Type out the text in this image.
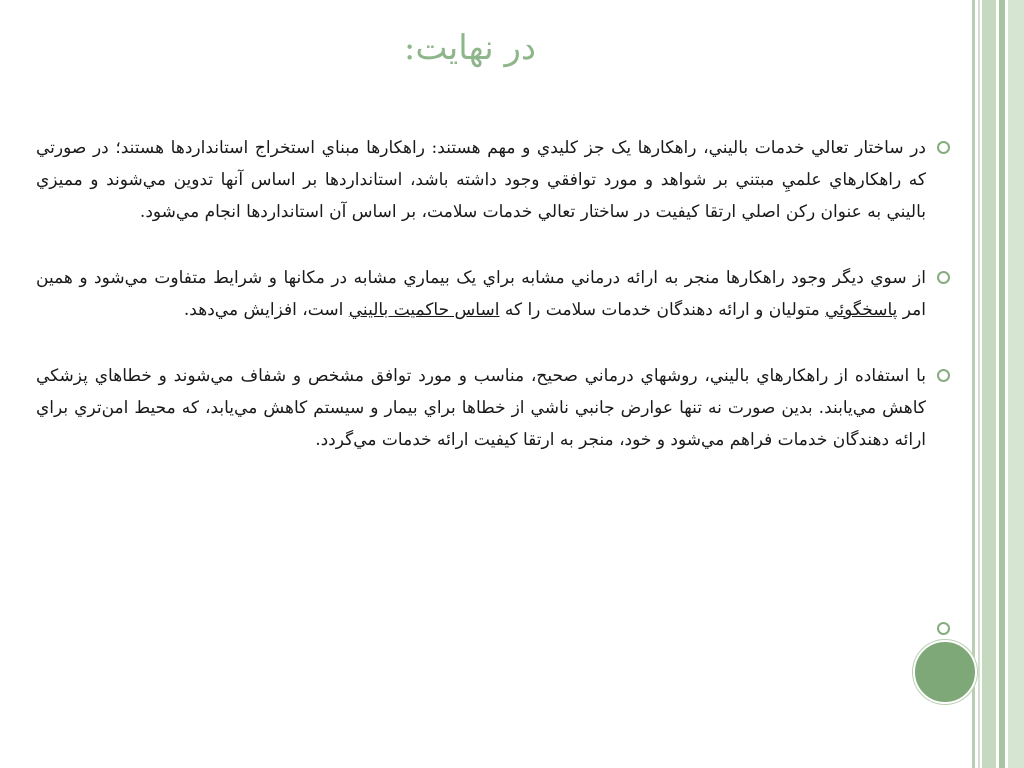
در نهايت:
در ساختار تعالي خدمات باليني، راهکارها يک جز کليدي و مهم هستند: راهکارها مبناي استخراج استانداردها هستند؛ در صورتي که راهکارهاي علميِ مبتني بر شواهد و مورد توافقي وجود داشته باشد، استانداردها بر اساس آنها تدوين مي‌شوند و مميزي باليني به عنوان رکن اصلي ارتقا کيفيت در ساختار تعالي خدمات سلامت، بر اساس آن استانداردها انجام مي‌شود.
از سوي ديگر وجود راهکارها منجر به ارائه درماني مشابه براي يک بيماري مشابه در مکانها و شرايط متفاوت مي‌شود و همين امر پاسخگوئي متوليان و ارائه دهندگان خدمات سلامت را که اساس حاکميت باليني است، افزايش مي‌دهد.
با استفاده از راهکارهاي باليني، روشهاي درماني صحيح، مناسب و مورد توافق مشخص و شفاف مي‌شوند و خطاهاي پزشکي کاهش مي‌يابند. بدين صورت نه تنها عوارض جانبي ناشي از خطاها براي بيمار و سيستم کاهش مي‌يابد، که محيط امن‌تري براي ارائه دهندگان خدمات فراهم مي‌شود و خود، منجر به ارتقا کيفيت ارائه خدمات مي‌گردد.
